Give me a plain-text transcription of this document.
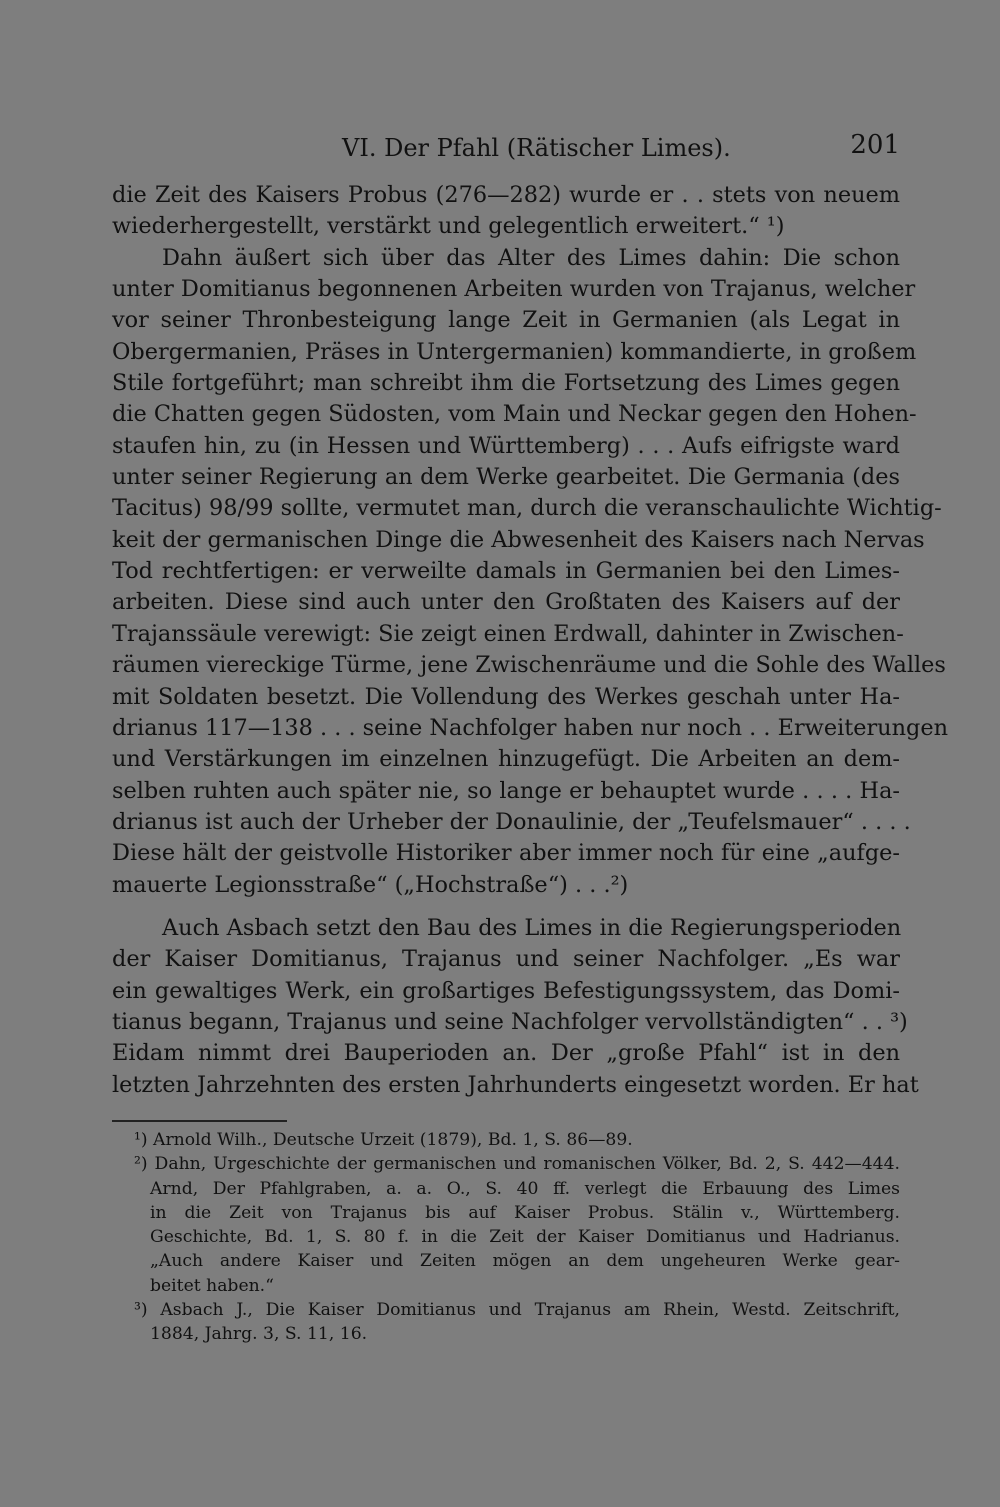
VI. Der Pfahl (Rätischer Limes).	201
die Zeit des Kaisers Probus (276—282) wurde er . . stets von neuem
wiederhergestellt, verstärkt und gelegentlich erweitert.“ ¹)
Dahn äußert sich über das Alter des Limes dahin: Die schon
unter Domitianus begonnenen Arbeiten wurden von Trajanus, welcher
vor seiner Thronbesteigung lange Zeit in Germanien (als Legat in
Obergermanien, Präses in Untergermanien) kommandierte, in großem
Stile fortgeführt; man schreibt ihm die Fortsetzung des Limes gegen
die Chatten gegen Südosten, vom Main und Neckar gegen den Hohen-
staufen hin, zu (in Hessen und Württemberg) . . . Aufs eifrigste ward
unter seiner Regierung an dem Werke gearbeitet. Die Germania (des
Tacitus) 98/99 sollte, vermutet man, durch die veranschaulichte Wichtig-
keit der germanischen Dinge die Abwesenheit des Kaisers nach Nervas
Tod rechtfertigen: er verweilte damals in Germanien bei den Limes-
arbeiten. Diese sind auch unter den Großtaten des Kaisers auf der
Trajanssäule verewigt: Sie zeigt einen Erdwall, dahinter in Zwischen-
räumen viereckige Türme, jene Zwischenräume und die Sohle des Walles
mit Soldaten besetzt. Die Vollendung des Werkes geschah unter Ha-
drianus 117—138 . . . seine Nachfolger haben nur noch . . Erweiterungen
und Verstärkungen im einzelnen hinzugefügt. Die Arbeiten an dem-
selben ruhten auch später nie, so lange er behauptet wurde . . . . Ha-
drianus ist auch der Urheber der Donaulinie, der „Teufelsmauer“ . . . .
Diese hält der geistvolle Historiker aber immer noch für eine „aufge-
mauerte Legionsstraße“ („Hochstraße“) . . .²)
Auch Asbach setzt den Bau des Limes in die Regierungsperioden
der Kaiser Domitianus, Trajanus und seiner Nachfolger. „Es war
ein gewaltiges Werk, ein großartiges Befestigungssystem, das Domi-
tianus begann, Trajanus und seine Nachfolger vervollständigten“ . . ³)
Eidam nimmt drei Bauperioden an. Der „große Pfahl“ ist in den
letzten Jahrzehnten des ersten Jahrhunderts eingesetzt worden. Er hat
¹) Arnold Wilh., Deutsche Urzeit (1879), Bd. 1, S. 86—89.
²) Dahn, Urgeschichte der germanischen und romanischen Völker, Bd. 2, S. 442—444.
Arnd, Der Pfahlgraben, a. a. O., S. 40 ff. verlegt die Erbauung des Limes
in die Zeit von Trajanus bis auf Kaiser Probus. Stälin v., Württemberg.
Geschichte, Bd. 1, S. 80 f. in die Zeit der Kaiser Domitianus und Hadrianus.
„Auch andere Kaiser und Zeiten mögen an dem ungeheuren Werke gear-
beitet haben.“
³) Asbach J., Die Kaiser Domitianus und Trajanus am Rhein, Westd. Zeitschrift,
1884, Jahrg. 3, S. 11, 16.
